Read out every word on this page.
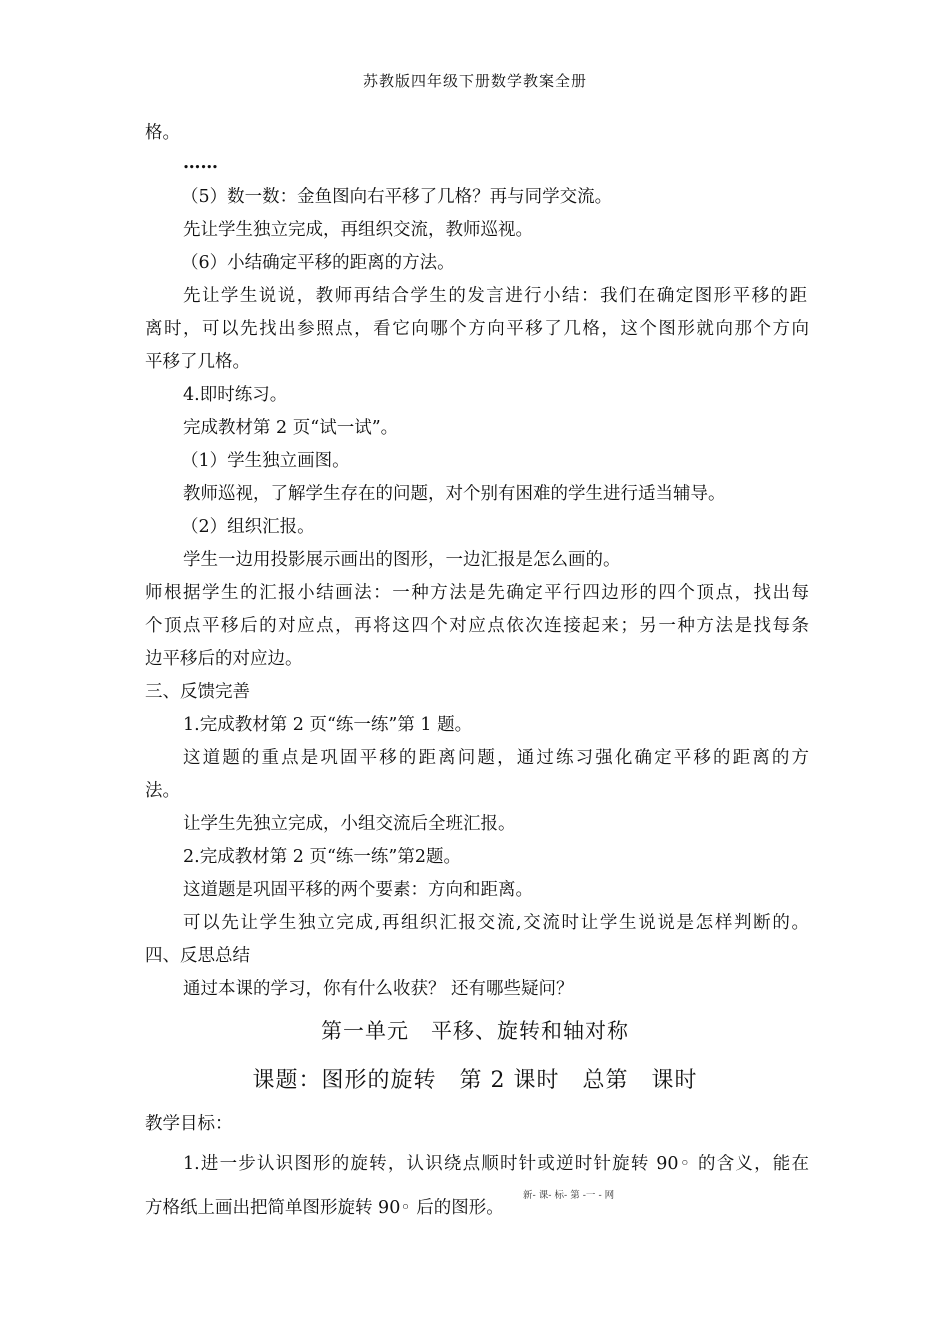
苏教版四年级下册数学教案全册
格。
……
（5）数一数：金鱼图向右平移了几格？再与同学交流。
先让学生独立完成，再组织交流，教师巡视。
（6）小结确定平移的距离的方法。
先让学生说说，教师再结合学生的发言进行小结：我们在确定图形平移的距
离时，可以先找出参照点，看它向哪个方向平移了几格，这个图形就向那个方向
平移了几格。
4.即时练习。
完成教材第 2 页“试一试”。
（1）学生独立画图。
教师巡视，了解学生存在的问题，对个别有困难的学生进行适当辅导。
（2）组织汇报。
学生一边用投影展示画出的图形，一边汇报是怎么画的。
师根据学生的汇报小结画法：一种方法是先确定平行四边形的四个顶点，找出每
个顶点平移后的对应点，再将这四个对应点依次连接起来；另一种方法是找每条
边平移后的对应边。
三、反馈完善
1.完成教材第 2 页“练一练”第 1 题。
这道题的重点是巩固平移的距离问题，通过练习强化确定平移的距离的方
法。
让学生先独立完成，小组交流后全班汇报。
2.完成教材第 2 页“练一练”第2题。
这道题是巩固平移的两个要素：方向和距离。
可以先让学生独立完成,再组织汇报交流,交流时让学生说说是怎样判断的。
四、反思总结
通过本课的学习，你有什么收获？ 还有哪些疑问？
第一单元　平移、旋转和轴对称
课题：图形的旋转　第 2 课时　总第　课时
教学目标：
1.进一步认识图形的旋转，认识绕点顺时针或逆时针旋转 90◦ 的含义，能在
方格纸上画出把简单图形旋转 90◦ 后的图形。
新- 课- 标- 第 -一 - 网
